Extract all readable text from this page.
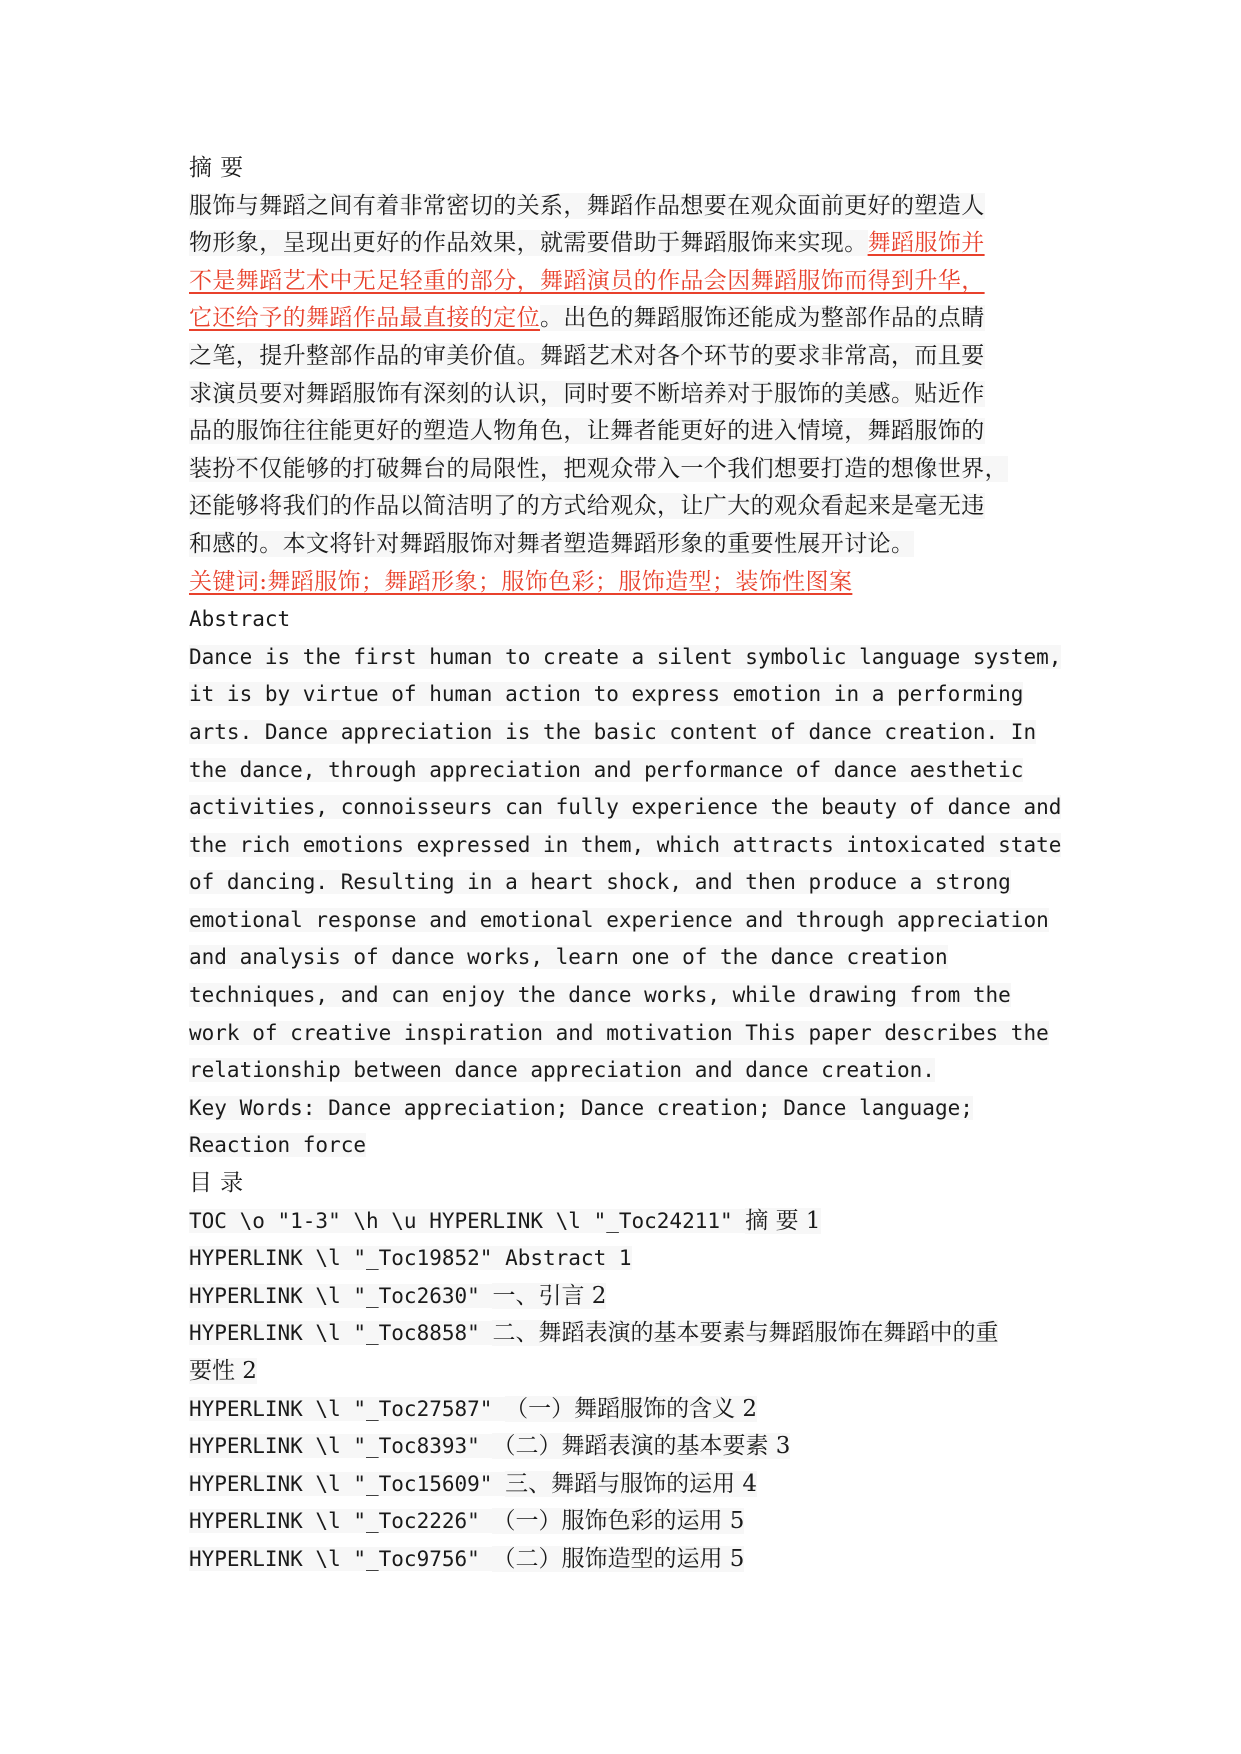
摘 要
服饰与舞蹈之间有着非常密切的关系，舞蹈作品想要在观众面前更好的塑造人
物形象，呈现出更好的作品效果，就需要借助于舞蹈服饰来实现。舞蹈服饰并
不是舞蹈艺术中无足轻重的部分，舞蹈演员的作品会因舞蹈服饰而得到升华，
它还给予的舞蹈作品最直接的定位。出色的舞蹈服饰还能成为整部作品的点睛
之笔，提升整部作品的审美价值。舞蹈艺术对各个环节的要求非常高，而且要
求演员要对舞蹈服饰有深刻的认识，同时要不断培养对于服饰的美感。贴近作
品的服饰往往能更好的塑造人物角色，让舞者能更好的进入情境，舞蹈服饰的
装扮不仅能够的打破舞台的局限性，把观众带入一个我们想要打造的想像世界，
还能够将我们的作品以简洁明了的方式给观众，让广大的观众看起来是毫无违
和感的。本文将针对舞蹈服饰对舞者塑造舞蹈形象的重要性展开讨论。
关键词:舞蹈服饰；舞蹈形象；服饰色彩；服饰造型；装饰性图案
Abstract
Dance is the first human to create a silent symbolic language system,
it is by virtue of human action to express emotion in a performing
arts. Dance appreciation is the basic content of dance creation. In
the dance, through appreciation and performance of dance aesthetic
activities, connoisseurs can fully experience the beauty of dance and
the rich emotions expressed in them, which attracts intoxicated state
of dancing. Resulting in a heart shock, and then produce a strong
emotional response and emotional experience and through appreciation
and analysis of dance works, learn one of the dance creation
techniques, and can enjoy the dance works, while drawing from the
work of creative inspiration and motivation This paper describes the
relationship between dance appreciation and dance creation.
Key Words: Dance appreciation; Dance creation; Dance language;
Reaction force
目 录
TOC \o "1-3" \h \u HYPERLINK \l "_Toc24211" 摘 要 1
HYPERLINK \l "_Toc19852" Abstract 1
HYPERLINK \l "_Toc2630" 一、引言 2
HYPERLINK \l "_Toc8858" 二、舞蹈表演的基本要素与舞蹈服饰在舞蹈中的重
要性 2
HYPERLINK \l "_Toc27587" （一）舞蹈服饰的含义 2
HYPERLINK \l "_Toc8393" （二）舞蹈表演的基本要素 3
HYPERLINK \l "_Toc15609" 三、舞蹈与服饰的运用 4
HYPERLINK \l "_Toc2226" （一）服饰色彩的运用 5
HYPERLINK \l "_Toc9756" （二）服饰造型的运用 5
